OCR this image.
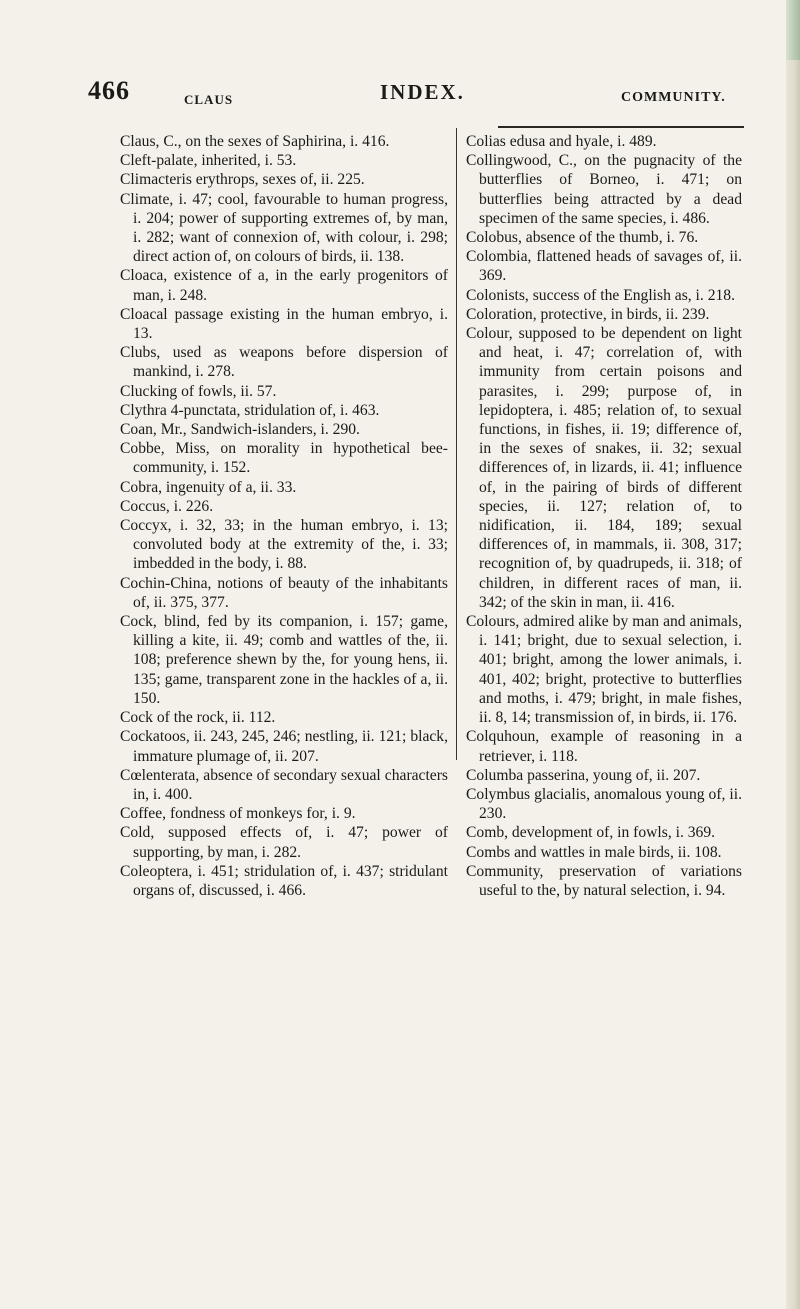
466	CLAUS	INDEX.	COMMUNITY.

Claus, C., on the sexes of Saphirina, i. 416.

Cleft-palate, inherited, i. 53.

Climacteris erythrops, sexes of, ii. 225.

Climate, i. 47; cool, favourable to human progress, i. 204; power of supporting extremes of, by man, i. 282; want of connexion of, with colour, i. 298; direct action of, on colours of birds, ii. 138.

Cloaca, existence of a, in the early progenitors of man, i. 248.

Cloacal passage existing in the human embryo, i. 13.

Clubs, used as weapons before dispersion of mankind, i. 278.

Clucking of fowls, ii. 57.

Clythra 4-punctata, stridulation of, i. 463.

Coan, Mr., Sandwich-islanders, i. 290.

Cobbe, Miss, on morality in hypothetical bee-community, i. 152.

Cobra, ingenuity of a, ii. 33.

Coccus, i. 226.

Coccyx, i. 32, 33; in the human embryo, i. 13; convoluted body at the extremity of the, i. 33; imbedded in the body, i. 88.

Cochin-China, notions of beauty of the inhabitants of, ii. 375, 377.

Cock, blind, fed by its companion, i. 157; game, killing a kite, ii. 49; comb and wattles of the, ii. 108; preference shewn by the, for young hens, ii. 135; game, transparent zone in the hackles of a, ii. 150.

Cock of the rock, ii. 112.

Cockatoos, ii. 243, 245, 246; nestling, ii. 121; black, immature plumage of, ii. 207.

Cœlenterata, absence of secondary sexual characters in, i. 400.

Coffee, fondness of monkeys for, i. 9.

Cold, supposed effects of, i. 47; power of supporting, by man, i. 282.

Coleoptera, i. 451; stridulation of, i. 437; stridulant organs of, discussed, i. 466.

Colias edusa and hyale, i. 489.

Collingwood, C., on the pugnacity of the butterflies of Borneo, i. 471; on butterflies being attracted by a dead specimen of the same species, i. 486.

Colobus, absence of the thumb, i. 76.

Colombia, flattened heads of savages of, ii. 369.

Colonists, success of the English as, i. 218.

Coloration, protective, in birds, ii. 239.

Colour, supposed to be dependent on light and heat, i. 47; correlation of, with immunity from certain poisons and parasites, i. 299; purpose of, in lepidoptera, i. 485; relation of, to sexual functions, in fishes, ii. 19; difference of, in the sexes of snakes, ii. 32; sexual differences of, in lizards, ii. 41; influence of, in the pairing of birds of different species, ii. 127; relation of, to nidification, ii. 184, 189; sexual differences of, in mammals, ii. 308, 317; recognition of, by quadrupeds, ii. 318; of children, in different races of man, ii. 342; of the skin in man, ii. 416.

Colours, admired alike by man and animals, i. 141; bright, due to sexual selection, i. 401; bright, among the lower animals, i. 401, 402; bright, protective to butterflies and moths, i. 479; bright, in male fishes, ii. 8, 14; transmission of, in birds, ii. 176.

Colquhoun, example of reasoning in a retriever, i. 118.

Columba passerina, young of, ii. 207.

Colymbus glacialis, anomalous young of, ii. 230.

Comb, development of, in fowls, i. 369.

Combs and wattles in male birds, ii. 108.

Community, preservation of variations useful to the, by natural selection, i. 94.
